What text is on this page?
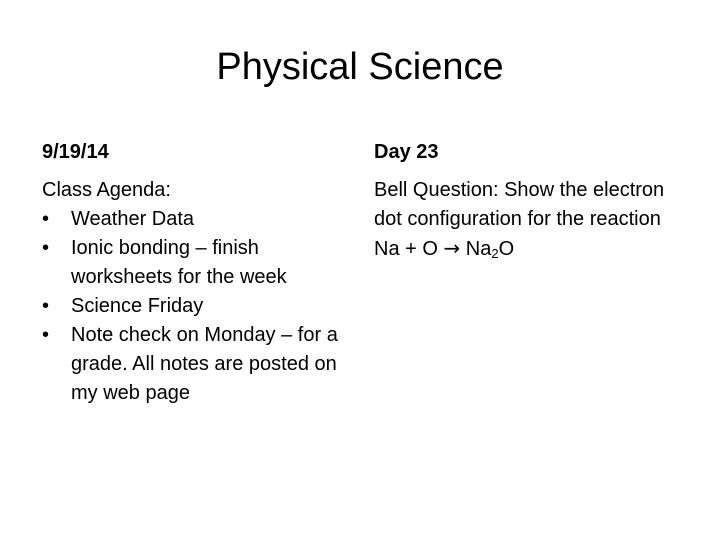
Physical Science
9/19/14
Class Agenda:
• Weather Data
• Ionic bonding – finish worksheets for the week
• Science Friday
• Note check on Monday – for a grade. All notes are posted on my web page
Day 23
Bell Question: Show the electron dot configuration for the reaction $Na + O \to Na_2O$
